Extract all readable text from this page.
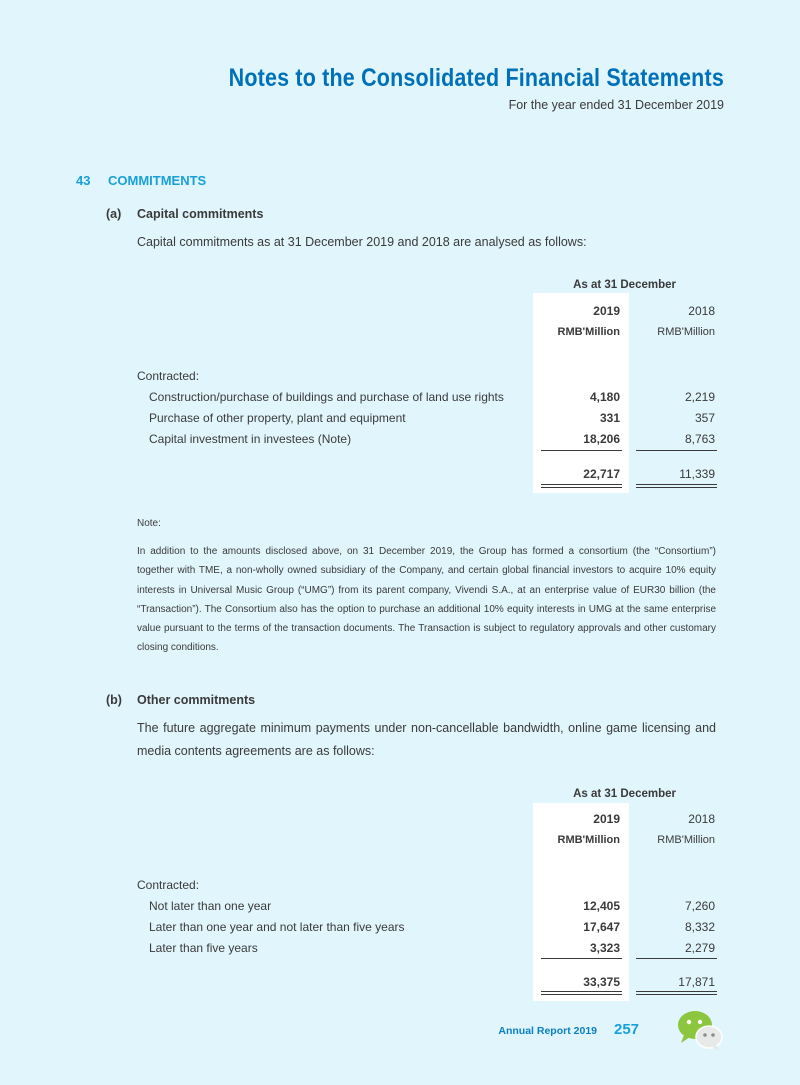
Notes to the Consolidated Financial Statements
For the year ended 31 December 2019
43 COMMITMENTS
(a) Capital commitments
Capital commitments as at 31 December 2019 and 2018 are analysed as follows:
As at 31 December
2019	2018
RMB'Million	RMB'Million
Contracted:
Construction/purchase of buildings and purchase of land use rights	4,180	2,219
Purchase of other property, plant and equipment	331	357
Capital investment in investees (Note)	18,206	8,763
22,717	11,339
Note:
In addition to the amounts disclosed above, on 31 December 2019, the Group has formed a consortium (the “Consortium”) together with TME, a non-wholly owned subsidiary of the Company, and certain global financial investors to acquire 10% equity interests in Universal Music Group (“UMG”) from its parent company, Vivendi S.A., at an enterprise value of EUR30 billion (the “Transaction”). The Consortium also has the option to purchase an additional 10% equity interests in UMG at the same enterprise value pursuant to the terms of the transaction documents. The Transaction is subject to regulatory approvals and other customary closing conditions.
(b) Other commitments
The future aggregate minimum payments under non-cancellable bandwidth, online game licensing and media contents agreements are as follows:
As at 31 December
2019	2018
RMB'Million	RMB'Million
Contracted:
Not later than one year	12,405	7,260
Later than one year and not later than five years	17,647	8,332
Later than five years	3,323	2,279
33,375	17,871
Annual Report 2019 257
